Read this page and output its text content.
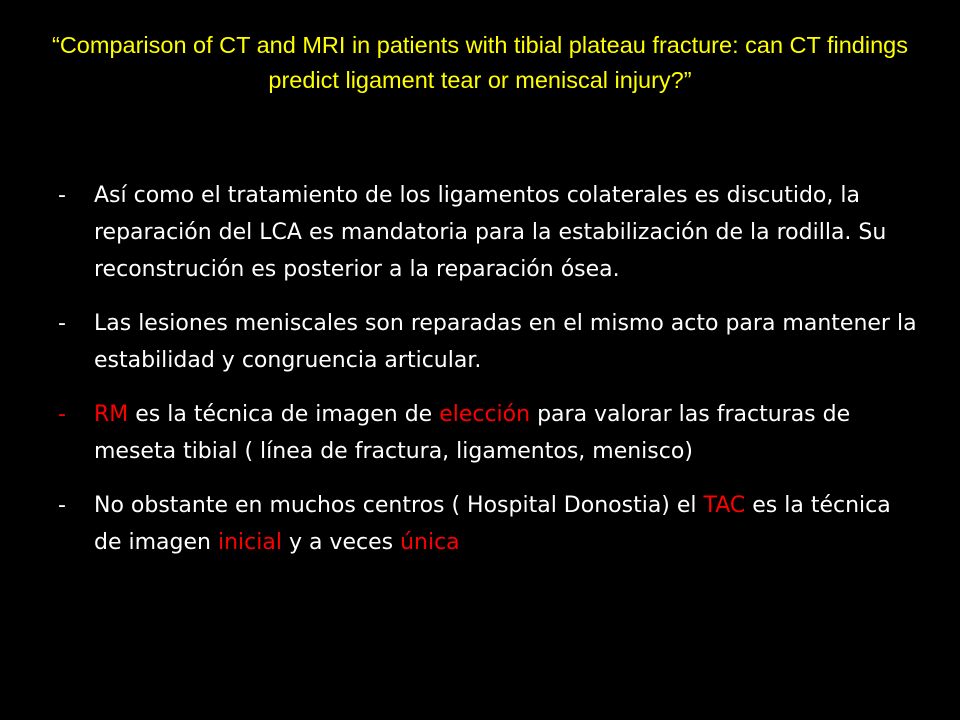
“Comparison of CT and MRI in patients with tibial plateau fracture: can CT findings predict ligament tear or meniscal injury?”
- Así como el tratamiento de los ligamentos colaterales es discutido, la reparación del LCA es mandatoria para la estabilización de la rodilla. Su reconstrución es posterior a la reparación ósea.
- Las lesiones meniscales son reparadas en el mismo acto para mantener la estabilidad y congruencia articular.
- RM es la técnica de imagen de elección para valorar las fracturas de meseta tibial ( línea de fractura, ligamentos, menisco)
- No obstante en muchos centros ( Hospital Donostia) el TAC es la técnica de imagen inicial y a veces única
